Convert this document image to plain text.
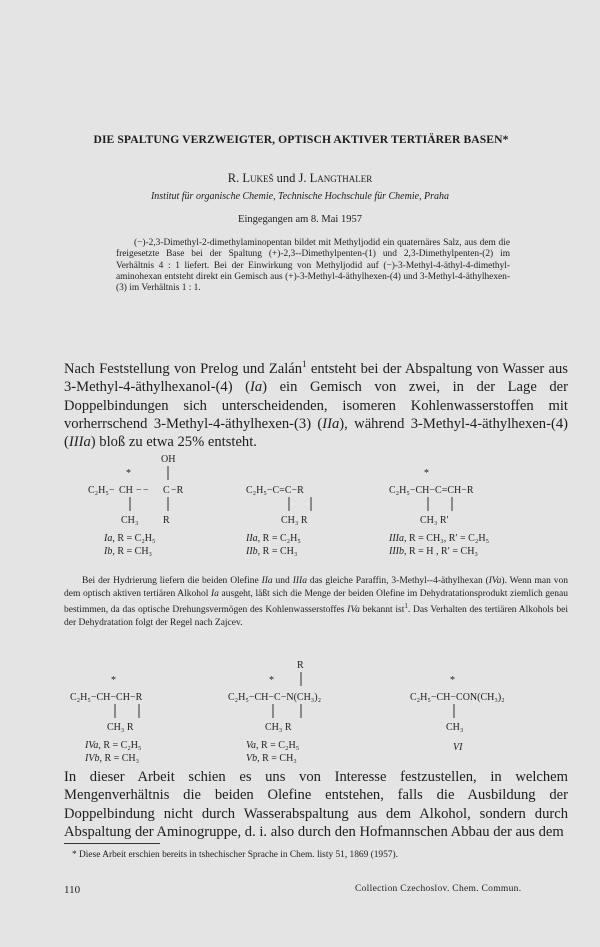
DIE SPALTUNG VERZWEIGTER, OPTISCH AKTIVER TERTIÄRER BASEN*
R. Lukeš und J. Langthaler
Institut für organische Chemie, Technische Hochschule für Chemie, Praha
Eingegangen am 8. Mai 1957
(−)-2,3-Dimethyl-2-dimethylaminopentan bildet mit Methyljodid ein quaternäres Salz, aus dem die freigesetzte Base bei der Spaltung (+)-2,3--Dimethylpenten-(1) und 2,3-Dimethylpenten-(2) im Verhältnis 4 : 1 liefert. Bei der Einwirkung von Methyljodid auf (−)-3-Methyl-4-äthyl-4-dimethyl-aminohexan entsteht direkt ein Gemisch aus (+)-3-Methyl-4-äthylhexen-(4) und 3-Methyl-4-äthylhexen-(3) im Verhältnis 1 : 1.
Nach Feststellung von Prelog und Zalán$^1$ entsteht bei der Abspaltung von Wasser aus 3-Methyl-4-äthylhexanol-(4) (Ia) ein Gemisch von zwei, in der Lage der Doppelbindungen sich unterscheidenden, isomeren Kohlenwasserstoffen mit vorherrschend 3-Methyl-4-äthylhexen-(3) (IIa), während 3-Methyl-4-äthylhexen-(4) (IIIa) bloß zu etwa 25% entsteht.
OH
*
C₂H₅− CH − C −R
−
CH₃ R
Ia, R = C₂H₅
Ib, R = CH₃
C₂H₅−C=C−R
CH₃ R
IIa, R = C₂H₅
IIb, R = CH₃
*
C₂H₅−CH−C=CH−R
CH₃ R′
IIIa, R = CH₃, R′ = C₂H₅
IIIb, R = H , R′ = CH₃
*
C₂H₅−CH−CH−R
CH₃ R
IVa, R = C₂H₅
IVb, R = CH₃
R
*
C₂H₅−CH−C−N(CH₃)₂
CH₃ R
Va, R = C₂H₅
Vb, R = CH₃
*
C₂H₅−CH−CON(CH₃)₂
CH₃
VI
Bei der Hydrierung liefern die beiden Olefine IIa und IIIa das gleiche Paraffin, 3-Methyl--4-äthylhexan (IVa). Wenn man von dem optisch aktiven tertiären Alkohol Ia ausgeht, läßt sich die Menge der beiden Olefine im Dehydratationsprodukt ziemlich genau bestimmen, da das optische Drehungsvermögen des Kohlenwasserstoffes IVa bekannt ist$^1$. Das Verhalten des tertiären Alkohols bei der Dehydratation folgt der Regel nach Zajcev.
In dieser Arbeit schien es uns von Interesse festzustellen, in welchem Mengenverhältnis die beiden Olefine entstehen, falls die Ausbildung der Doppelbindung nicht durch Wasserabspaltung aus dem Alkohol, sondern durch Abspaltung der Aminogruppe, d. i. also durch den Hofmannschen Abbau der aus dem
* Diese Arbeit erschien bereits in tshechischer Sprache in Chem. listy 51, 1869 (1957).
110	Collection Czechoslov. Chem. Commun.
